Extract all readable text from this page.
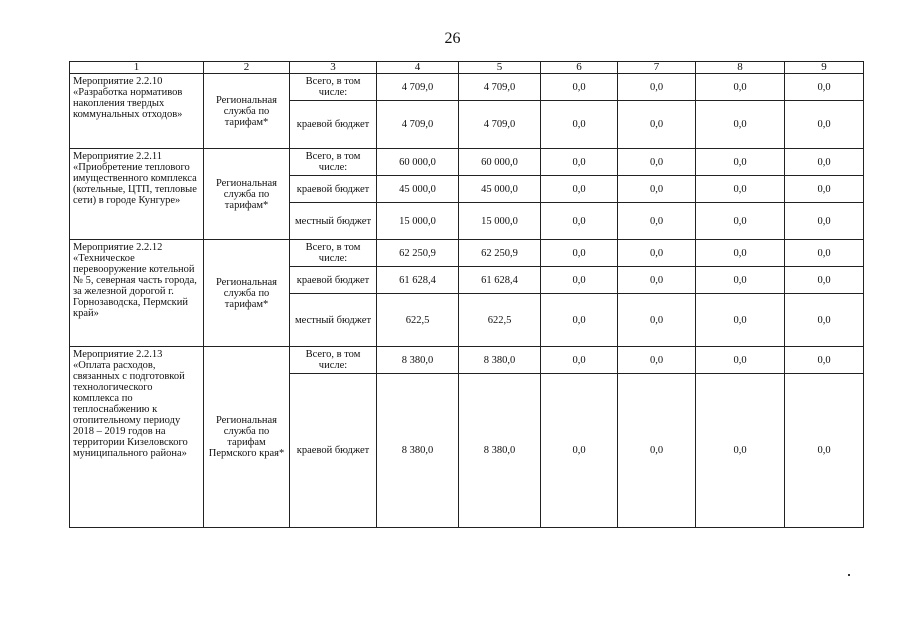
26
1	2	3	4	5	6	7	8	9
Мероприятие 2.2.10 «Разработка нормативов накопления твердых коммунальных отходов»	Региональная служба по тарифам*	Всего, в том числе:	4 709,0	4 709,0	0,0	0,0	0,0	0,0
		краевой бюджет	4 709,0	4 709,0	0,0	0,0	0,0	0,0
Мероприятие 2.2.11 «Приобретение теплового имущественного комплекса (котельные, ЦТП, тепловые сети) в городе Кунгуре»	Региональная служба по тарифам*	Всего, в том числе:	60 000,0	60 000,0	0,0	0,0	0,0	0,0
		краевой бюджет	45 000,0	45 000,0	0,0	0,0	0,0	0,0
		местный бюджет	15 000,0	15 000,0	0,0	0,0	0,0	0,0
Мероприятие 2.2.12 «Техническое перевооружение котельной № 5, северная часть города, за железной дорогой г. Горнозаводска, Пермский край»	Региональная служба по тарифам*	Всего, в том числе:	62 250,9	62 250,9	0,0	0,0	0,0	0,0
		краевой бюджет	61 628,4	61 628,4	0,0	0,0	0,0	0,0
		местный бюджет	622,5	622,5	0,0	0,0	0,0	0,0
Мероприятие 2.2.13 «Оплата расходов, связанных с подготовкой технологического комплекса по теплоснабжению к отопительному периоду 2018 – 2019 годов на территории Кизеловского муниципального района»	Региональная служба по тарифам Пермского края*	Всего, в том числе:	8 380,0	8 380,0	0,0	0,0	0,0	0,0
		краевой бюджет	8 380,0	8 380,0	0,0	0,0	0,0	0,0
